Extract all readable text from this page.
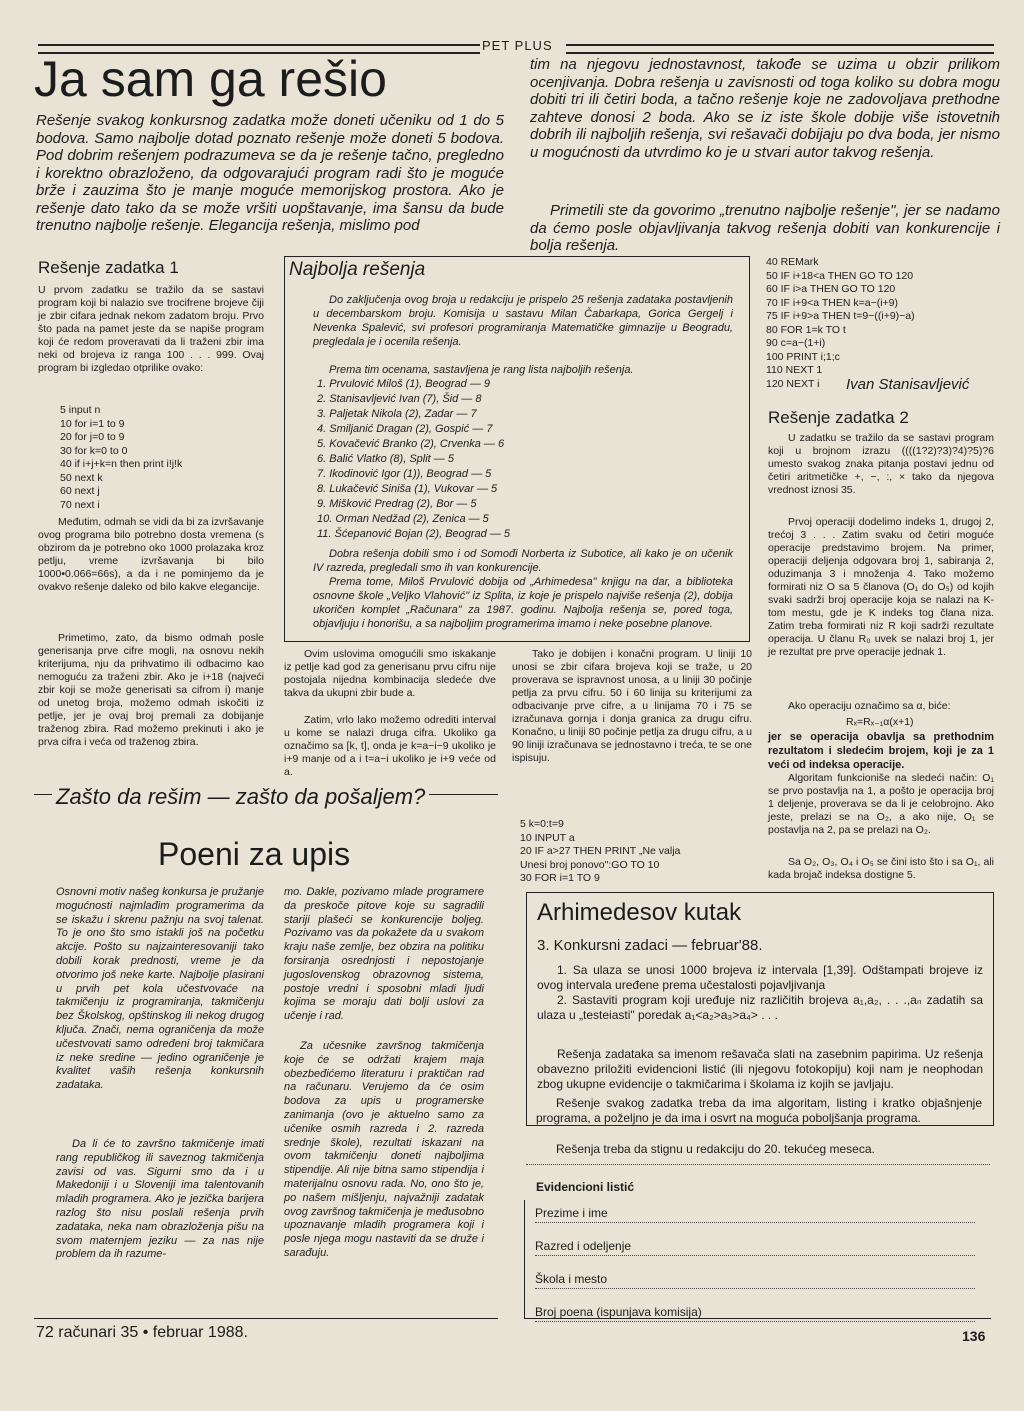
PET PLUS
Ja sam ga rešio
Rešenje svakog konkursnog zadatka može doneti učeniku od 1 do 5 bodova. Samo najbolje dotad poznato rešenje može doneti 5 bodova. Pod dobrim rešenjem podrazumeva se da je rešenje tačno, pregledno i korektno obrazloženo, da odgovarajući program radi što je moguće brže i zauzima što je manje moguće memorijskog prostora. Ako je rešenje dato tako da se može vršiti uopštavanje, ima šansu da bude trenutno najbolje rešenje. Elegancija rešenja, mislimo pod
tim na njegovu jednostavnost, takođe se uzima u obzir prilikom ocenjivanja. Dobra rešenja u zavisnosti od toga koliko su dobra mogu dobiti tri ili četiri boda, a tačno rešenje koje ne zadovoljava prethodne zahteve donosi 2 boda. Ako se iz iste škole dobije više istovetnih dobrih ili najboljih rešenja, svi rešavači dobijaju po dva boda, jer nismo u mogućnosti da utvrdimo ko je u stvari autor takvog rešenja.
Primetili ste da govorimo „trenutno najbolje rešenje", jer se nadamo da ćemo posle objavljivanja takvog rešenja dobiti van konkurencije i bolja rešenja.
Rešenje zadatka 1
U prvom zadatku se tražilo da se sastavi program koji bi nalazio sve trocifrene brojeve čiji je zbir cifara jednak nekom zadatom broju. Prvo što pada na pamet jeste da se napiše program koji će redom proveravati da li traženi zbir ima neki od brojeva iz ranga 100 . . . 999. Ovaj program bi izgledao otprilike ovako:
5 input n
10 for i=1 to 9
20 for j=0 to 9
30 for k=0 to 0
40 if i+j+k=n then print i!j!k
50 next k
60 next j
70 next i
Međutim, odmah se vidi da bi za izvršavanje ovog programa bilo potrebno dosta vremena (s obzirom da je potrebno oko 1000 prolazaka kroz petlju, vreme izvršavanja bi bilo 1000•0.066=66s), a da i ne pominjemo da je ovakvo rešenje daleko od bilo kakve elegancije.
Primetimo, zato, da bismo odmah posle generisanja prve cifre mogli, na osnovu nekih kriterijuma, nju da prihvatimo ili odbacimo kao nemoguću za traženi zbir. Ako je i+18 (najveći zbir koji se može generisati sa cifrom i) manje od unetog broja, možemo odmah iskočiti iz petlje, jer je ovaj broj premali za dobijanje traženog zbira. Rad možemo prekinuti i ako je prva cifra i veća od traženog zbira.
Najbolja rešenja
Do zaključenja ovog broja u redakciju je prispelo 25 rešenja zadataka postavljenih u decembarskom broju. Komisija u sastavu Milan Čabarkapa, Gorica Gergelj i Nevenka Spalević, svi profesori programiranja Matematičke gimnazije u Beogradu, pregledala je i ocenila rešenja.
Prema tim ocenama, sastavljena je rang lista najboljih rešenja.
1. Prvulović Miloš (1), Beograd — 9
2. Stanisavljević Ivan (7), Šid — 8
3. Paljetak Nikola (2), Zadar — 7
4. Smiljanić Dragan (2), Gospić — 7
5. Kovačević Branko (2), Crvenka — 6
6. Balić Vlatko (8), Split — 5
7. Ikodinović Igor (1)), Beograd — 5
8. Lukačević Siniša (1), Vukovar — 5
9. Mišković Predrag (2), Bor — 5
10. Orman Nedžad (2), Zenica — 5
11. Šćepanović Bojan (2), Beograd — 5
Dobra rešenja dobili smo i od Somođi Norberta iz Subotice, ali kako je on učenik IV razreda, pregledali smo ih van konkurencije.
Prema tome, Miloš Prvulović dobija od „Arhimedesa" knjigu na dar, a biblioteka osnovne škole „Veljko Vlahović" iz Splita, iz koje je prispelo najviše rešenja (2), dobija ukoričen komplet „Računara" za 1987. godinu. Najbolja rešenja se, pored toga, objavljuju i honorišu, a sa najboljim programerima imamo i neke posebne planove.
Ovim uslovima omogućili smo iskakanje iz petlje kad god za generisanu prvu cifru nije postojala nijedna kombinacija sledeće dve takva da ukupni zbir bude a.
Zatim, vrlo lako možemo odrediti interval u kome se nalazi druga cifra. Ukoliko ga označimo sa [k, t], onda je k=a−i−9 ukoliko je i+9 manje od a i t=a−i ukoliko je i+9 veće od a.
Tako je dobijen i konačni program. U liniji 10 unosi se zbir cifara brojeva koji se traže, u 20 proverava se ispravnost unosa, a u liniji 30 počinje petlja za prvu cifru. 50 i 60 linija su kriterijumi za odbacivanje prve cifre, a u linijama 70 i 75 se izračunava gornja i donja granica za drugu cifru. Konačno, u liniji 80 počinje petlja za drugu cifru, a u 90 liniji izračunava se jednostavno i treća, te se one ispisuju.
5 k=0:t=9
10 INPUT a
20 IF a>27 THEN PRINT „Ne valja
Unesi broj ponovo":GO TO 10
30 FOR i=1 TO 9
40 REMark
50 IF i+18<a THEN GO TO 120
60 IF i>a THEN GO TO 120
70 IF i+9<a THEN k=a−(i+9)
75 IF i+9>a THEN t=9−((i+9)−a)
80 FOR 1=k TO t
90 c=a−(1+i)
100 PRINT i;1;c
110 NEXT 1
120 NEXT i	Ivan Stanisavljević
Rešenje zadatka 2
U zadatku se tražilo da se sastavi program koji u brojnom izrazu ((((1?2)?3)?4)?5)?6 umesto svakog znaka pitanja postavi jednu od četiri aritmetičke +, −, :, × tako da njegova vrednost iznosi 35.
Prvoj operaciji dodelimo indeks 1, drugoj 2, trećoj 3 . . . Zatim svaku od četiri moguće operacije predstavimo brojem. Na primer, operaciji deljenja odgovara broj 1, sabiranja 2, oduzimanja 3 i množenja 4. Tako možemo formirati niz O sa 5 članova (O₁ do O₅) od kojih svaki sadrži broj operacije koja se nalazi na K-tom mestu, gde je K indeks tog člana niza. Zatim treba formirati niz R koji sadrži rezultate operacija. U članu R₀ uvek se nalazi broj 1, jer je rezultat pre prve operacije jednak 1.
Ako operaciju označimo sa α, biće:
Rₓ=Rₓ₋₁α(x+1)
jer se operacija obavlja sa prethodnim rezultatom i sledećim brojem, koji je za 1 veći od indeksa operacije.
Algoritam funkcioniše na sledeći način: O₁ se prvo postavlja na 1, a pošto je operacija broj 1 deljenje, proverava se da li je celobrojno. Ako jeste, prelazi se na O₂, a ako nije, O₁ se postavlja na 2, pa se prelazi na O₂.
Sa O₂, O₃, O₄ i O₅ se čini isto što i sa O₁, ali kada brojač indeksa dostigne 5.
Zašto da rešim — zašto da pošaljem?
Poeni za upis
Osnovni motiv našeg konkursa je pružanje mogućnosti najmlađim programerima da se iskažu i skrenu pažnju na svoj talenat. To je ono što smo istakli još na početku akcije. Pošto su najzainteresovaniji tako dobili korak prednosti, vreme je da otvorimo još neke karte. Najbolje plasirani u prvih pet kola učestvovaće na takmičenju iz programiranja, takmičenju bez Školskog, opštinskog ili nekog drugog ključa. Znači, nema ograničenja da može učestvovati samo određeni broj takmičara iz neke sredine — jedino ograničenje je kvalitet vaših rešenja konkursnih zadataka.
Da li će to završno takmičenje imati rang republičkog ili saveznog takmičenja zavisi od vas. Sigurni smo da i u Makedoniji i u Sloveniji ima talentovanih mladih programera. Ako je jezička barijera razlog što nisu poslali rešenja prvih zadataka, neka nam obrazloženja pišu na svom maternjem jeziku — za nas nije problem da ih razume-
mo. Dakle, pozivamo mlade programere da preskoče pitove koje su sagradili stariji plašeći se konkurencije boljeg. Pozivamo vas da pokažete da u svakom kraju naše zemlje, bez obzira na politiku forsiranja osrednjosti i nepostojanje jugoslovenskog obrazovnog sistema, postoje vredni i sposobni mladi ljudi kojima se moraju dati bolji uslovi za učenje i rad.
Za učesnike završnog takmičenja koje će se održati krajem maja obezbeđićemo literaturu i praktičan rad na računaru. Verujemo da će osim bodova za upis u programerske zanimanja (ovo je aktuelno samo za učenike osmih razreda i 2. razreda srednje škole), rezultati iskazani na ovom takmičenju doneti najboljima stipendije. Ali nije bitna samo stipendija i materijalnu osnovu rada. No, ono što je, po našem mišljenju, najvažniji zadatak ovog završnog takmičenja je međusobno upoznavanje mladih programera koji i posle njega mogu nastaviti da se druže i sarađuju.
Arhimedesov kutak
3. Konkursni zadaci — februar'88.
1. Sa ulaza se unosi 1000 brojeva iz intervala [1,39]. Odštampati brojeve iz ovog intervala uređene prema učestalosti pojavljivanja
2. Sastaviti program koji uređuje niz različitih brojeva a₁,a₂, . . .,aₙ zadatih sa ulaza u „testeiasti" poredak a₁<a₂>a₃>a₄> . . .
Rešenja zadataka sa imenom rešavača slati na zasebnim papirima. Uz rešenja obavezno priložiti evidencioni listić (ili njegovu fotokopiju) koji nam je neophodan zbog ukupne evidencije o takmičarima i školama iz kojih se javljaju.
Rešenje svakog zadatka treba da ima algoritam, listing i kratko objašnjenje programa, a poželjno je da ima i osvrt na moguća poboljšanja programa.
Rešenja treba da stignu u redakciju do 20. tekućeg meseca.
Evidencioni listić
Prezime i ime
Razred i odeljenje
Škola i mesto
Broj poena (ispunjava komisija)
72 računari 35 • februar 1988.	136
